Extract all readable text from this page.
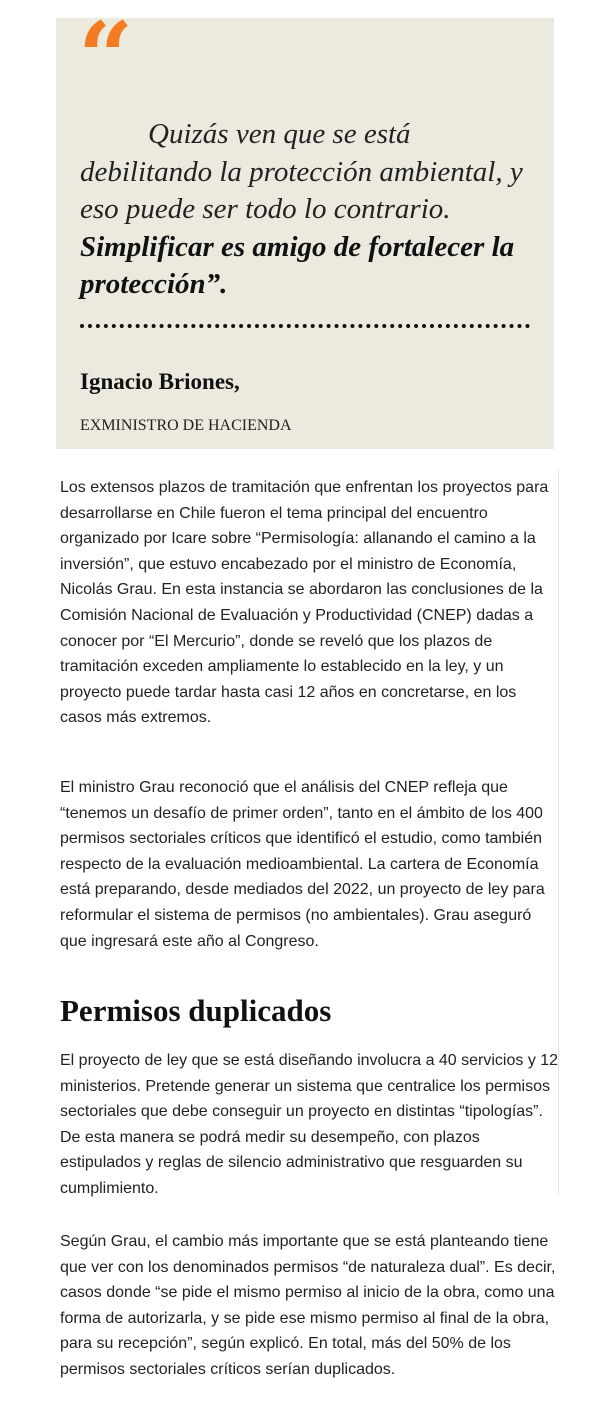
“

Quizás ven que se está debilitando la protección ambiental, y eso puede ser todo lo contrario. Simplificar es amigo de fortalecer la protección”.

Ignacio Briones,

EXMINISTRO DE HACIENDA

Los extensos plazos de tramitación que enfrentan los proyectos para desarrollarse en Chile fueron el tema principal del encuentro organizado por Icare sobre “Permisología: allanando el camino a la inversión”, que estuvo encabezado por el ministro de Economía, Nicolás Grau. En esta instancia se abordaron las conclusiones de la Comisión Nacional de Evaluación y Productividad (CNEP) dadas a conocer por “El Mercurio”, donde se reveló que los plazos de tramitación exceden ampliamente lo establecido en la ley, y un proyecto puede tardar hasta casi 12 años en concretarse, en los casos más extremos.

El ministro Grau reconoció que el análisis del CNEP refleja que “tenemos un desafío de primer orden”, tanto en el ámbito de los 400 permisos sectoriales críticos que identificó el estudio, como también respecto de la evaluación medioambiental. La cartera de Economía está preparando, desde mediados del 2022, un proyecto de ley para reformular el sistema de permisos (no ambientales). Grau aseguró que ingresará este año al Congreso.

Permisos duplicados

El proyecto de ley que se está diseñando involucra a 40 servicios y 12 ministerios. Pretende generar un sistema que centralice los permisos sectoriales que debe conseguir un proyecto en distintas “tipologías”. De esta manera se podrá medir su desempeño, con plazos estipulados y reglas de silencio administrativo que resguarden su cumplimiento.

Según Grau, el cambio más importante que se está planteando tiene que ver con los denominados permisos “de naturaleza dual”. Es decir, casos donde “se pide el mismo permiso al inicio de la obra, como una forma de autorizarla, y se pide ese mismo permiso al final de la obra, para su recepción”, según explicó. En total, más del 50% de los permisos sectoriales críticos serían duplicados.
